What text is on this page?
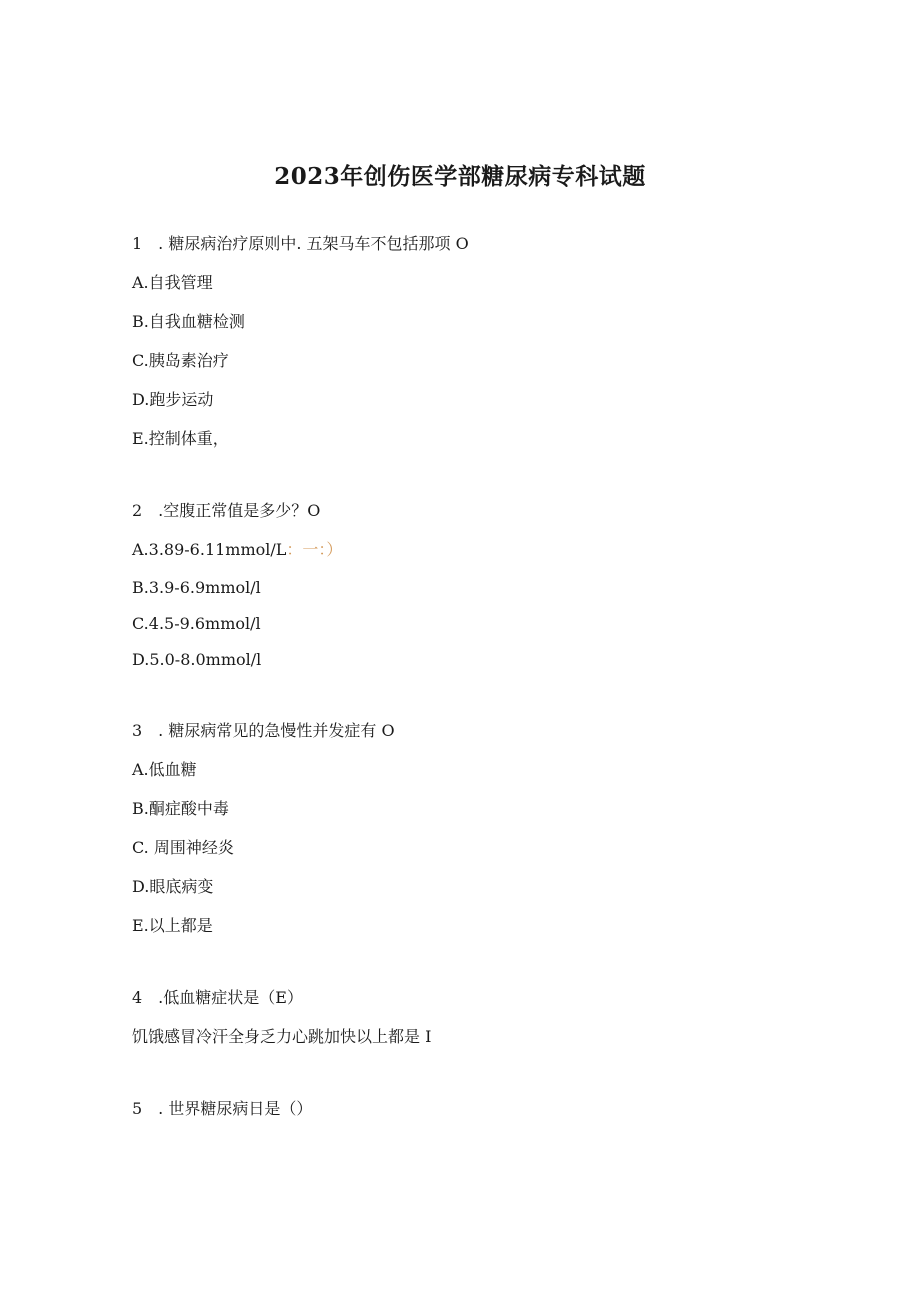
2023年创伤医学部糖尿病专科试题
1　. 糖尿病治疗原则中. 五架马车不包括那项 O
A.自我管理
B.自我血糖检测
C.胰岛素治疗
D.跑步运动
E.控制体重，
2　.空腹正常值是多少？O
A.3.89-6.11mmol/L：一：）
B.3.9-6.9mmol/l
C.4.5-9.6mmol/l
D.5.0-8.0mmol/l
3　. 糖尿病常见的急慢性并发症有 O
A.低血糖
B.酮症酸中毒
C. 周围神经炎
D.眼底病变
E.以上都是
4　.低血糖症状是（E）
饥饿感冒冷汗全身乏力心跳加快以上都是 I
5　. 世界糖尿病日是（）
